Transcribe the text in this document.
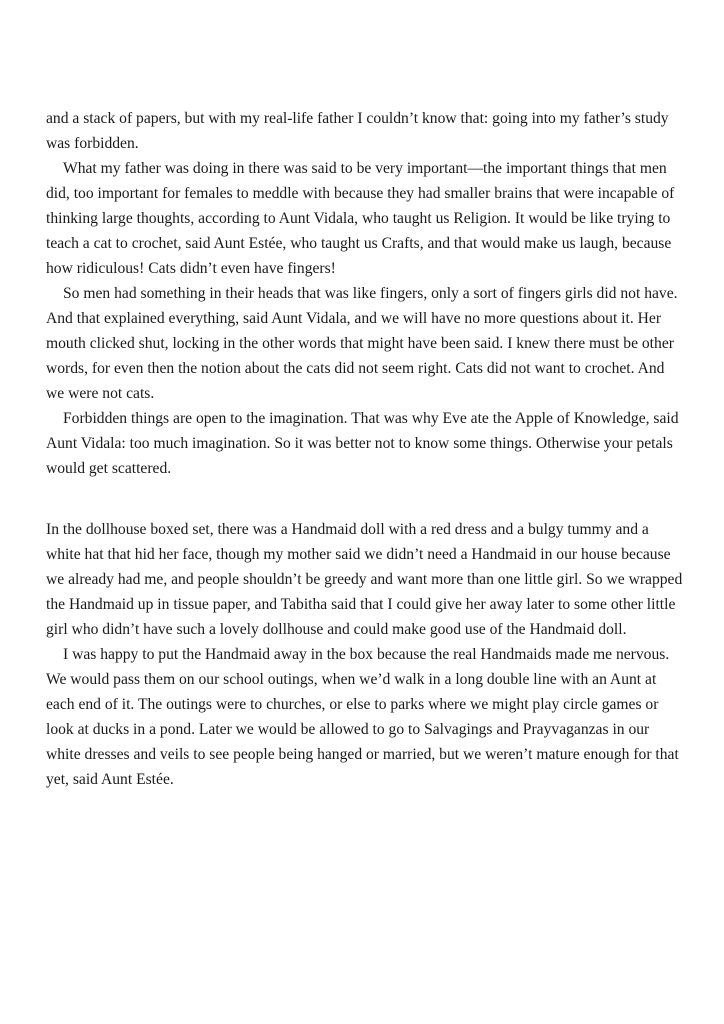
and a stack of papers, but with my real-life father I couldn’t know that: going into my father’s study was forbidden.

What my father was doing in there was said to be very important—the important things that men did, too important for females to meddle with because they had smaller brains that were incapable of thinking large thoughts, according to Aunt Vidala, who taught us Religion. It would be like trying to teach a cat to crochet, said Aunt Estée, who taught us Crafts, and that would make us laugh, because how ridiculous! Cats didn’t even have fingers!

So men had something in their heads that was like fingers, only a sort of fingers girls did not have. And that explained everything, said Aunt Vidala, and we will have no more questions about it. Her mouth clicked shut, locking in the other words that might have been said. I knew there must be other words, for even then the notion about the cats did not seem right. Cats did not want to crochet. And we were not cats.

Forbidden things are open to the imagination. That was why Eve ate the Apple of Knowledge, said Aunt Vidala: too much imagination. So it was better not to know some things. Otherwise your petals would get scattered.

In the dollhouse boxed set, there was a Handmaid doll with a red dress and a bulgy tummy and a white hat that hid her face, though my mother said we didn’t need a Handmaid in our house because we already had me, and people shouldn’t be greedy and want more than one little girl. So we wrapped the Handmaid up in tissue paper, and Tabitha said that I could give her away later to some other little girl who didn’t have such a lovely dollhouse and could make good use of the Handmaid doll.

I was happy to put the Handmaid away in the box because the real Handmaids made me nervous. We would pass them on our school outings, when we’d walk in a long double line with an Aunt at each end of it. The outings were to churches, or else to parks where we might play circle games or look at ducks in a pond. Later we would be allowed to go to Salvagings and Prayvaganzas in our white dresses and veils to see people being hanged or married, but we weren’t mature enough for that yet, said Aunt Estée.
